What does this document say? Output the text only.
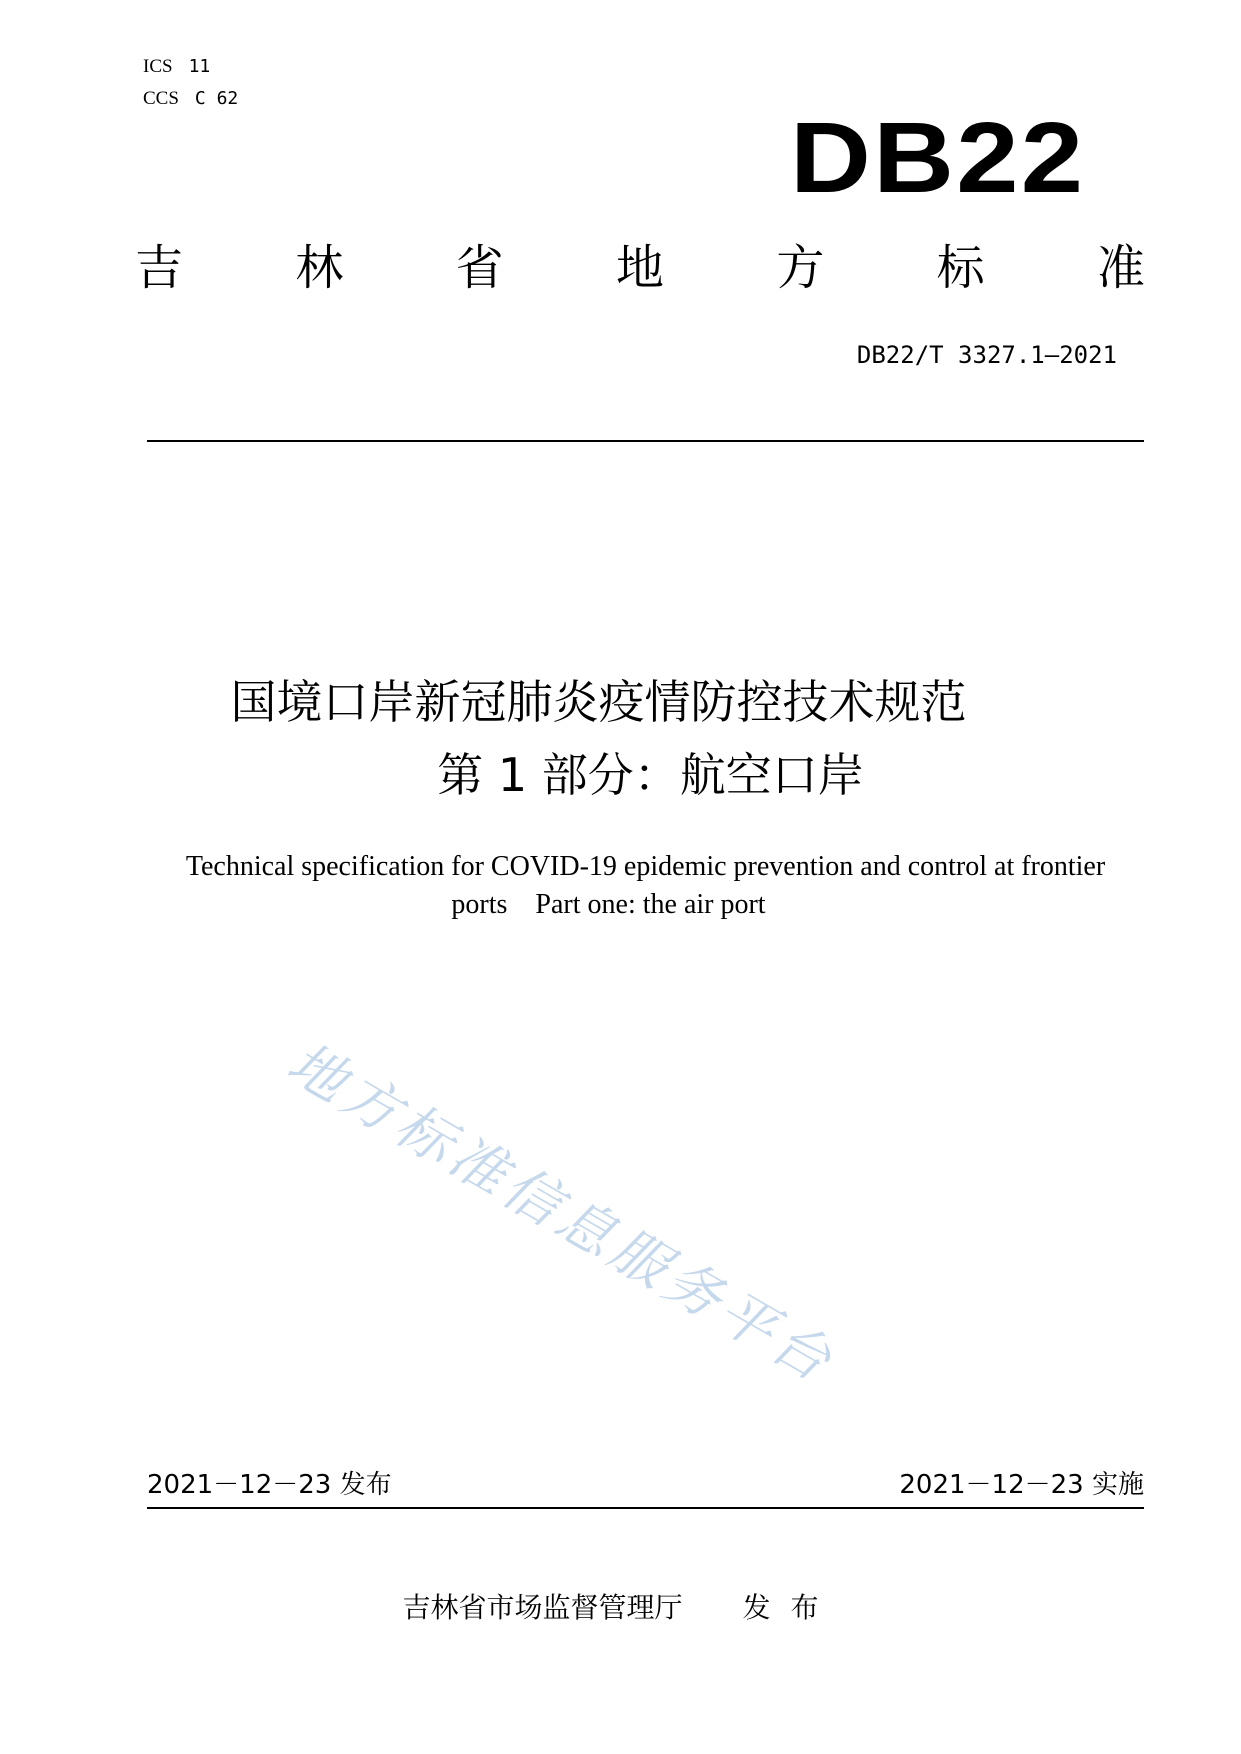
ICS 11
CCS C 62
DB22
吉 林 省 地 方 标 准
DB22/T 3327.1—2021
国境口岸新冠肺炎疫情防控技术规范
第 1 部分：航空口岸
Technical specification for COVID-19 epidemic prevention and control at frontier
ports    Part one: the air port
地方标准信息服务平台
2021－12－23 发布	2021－12－23 实施
吉林省市场监督管理厅 发布
